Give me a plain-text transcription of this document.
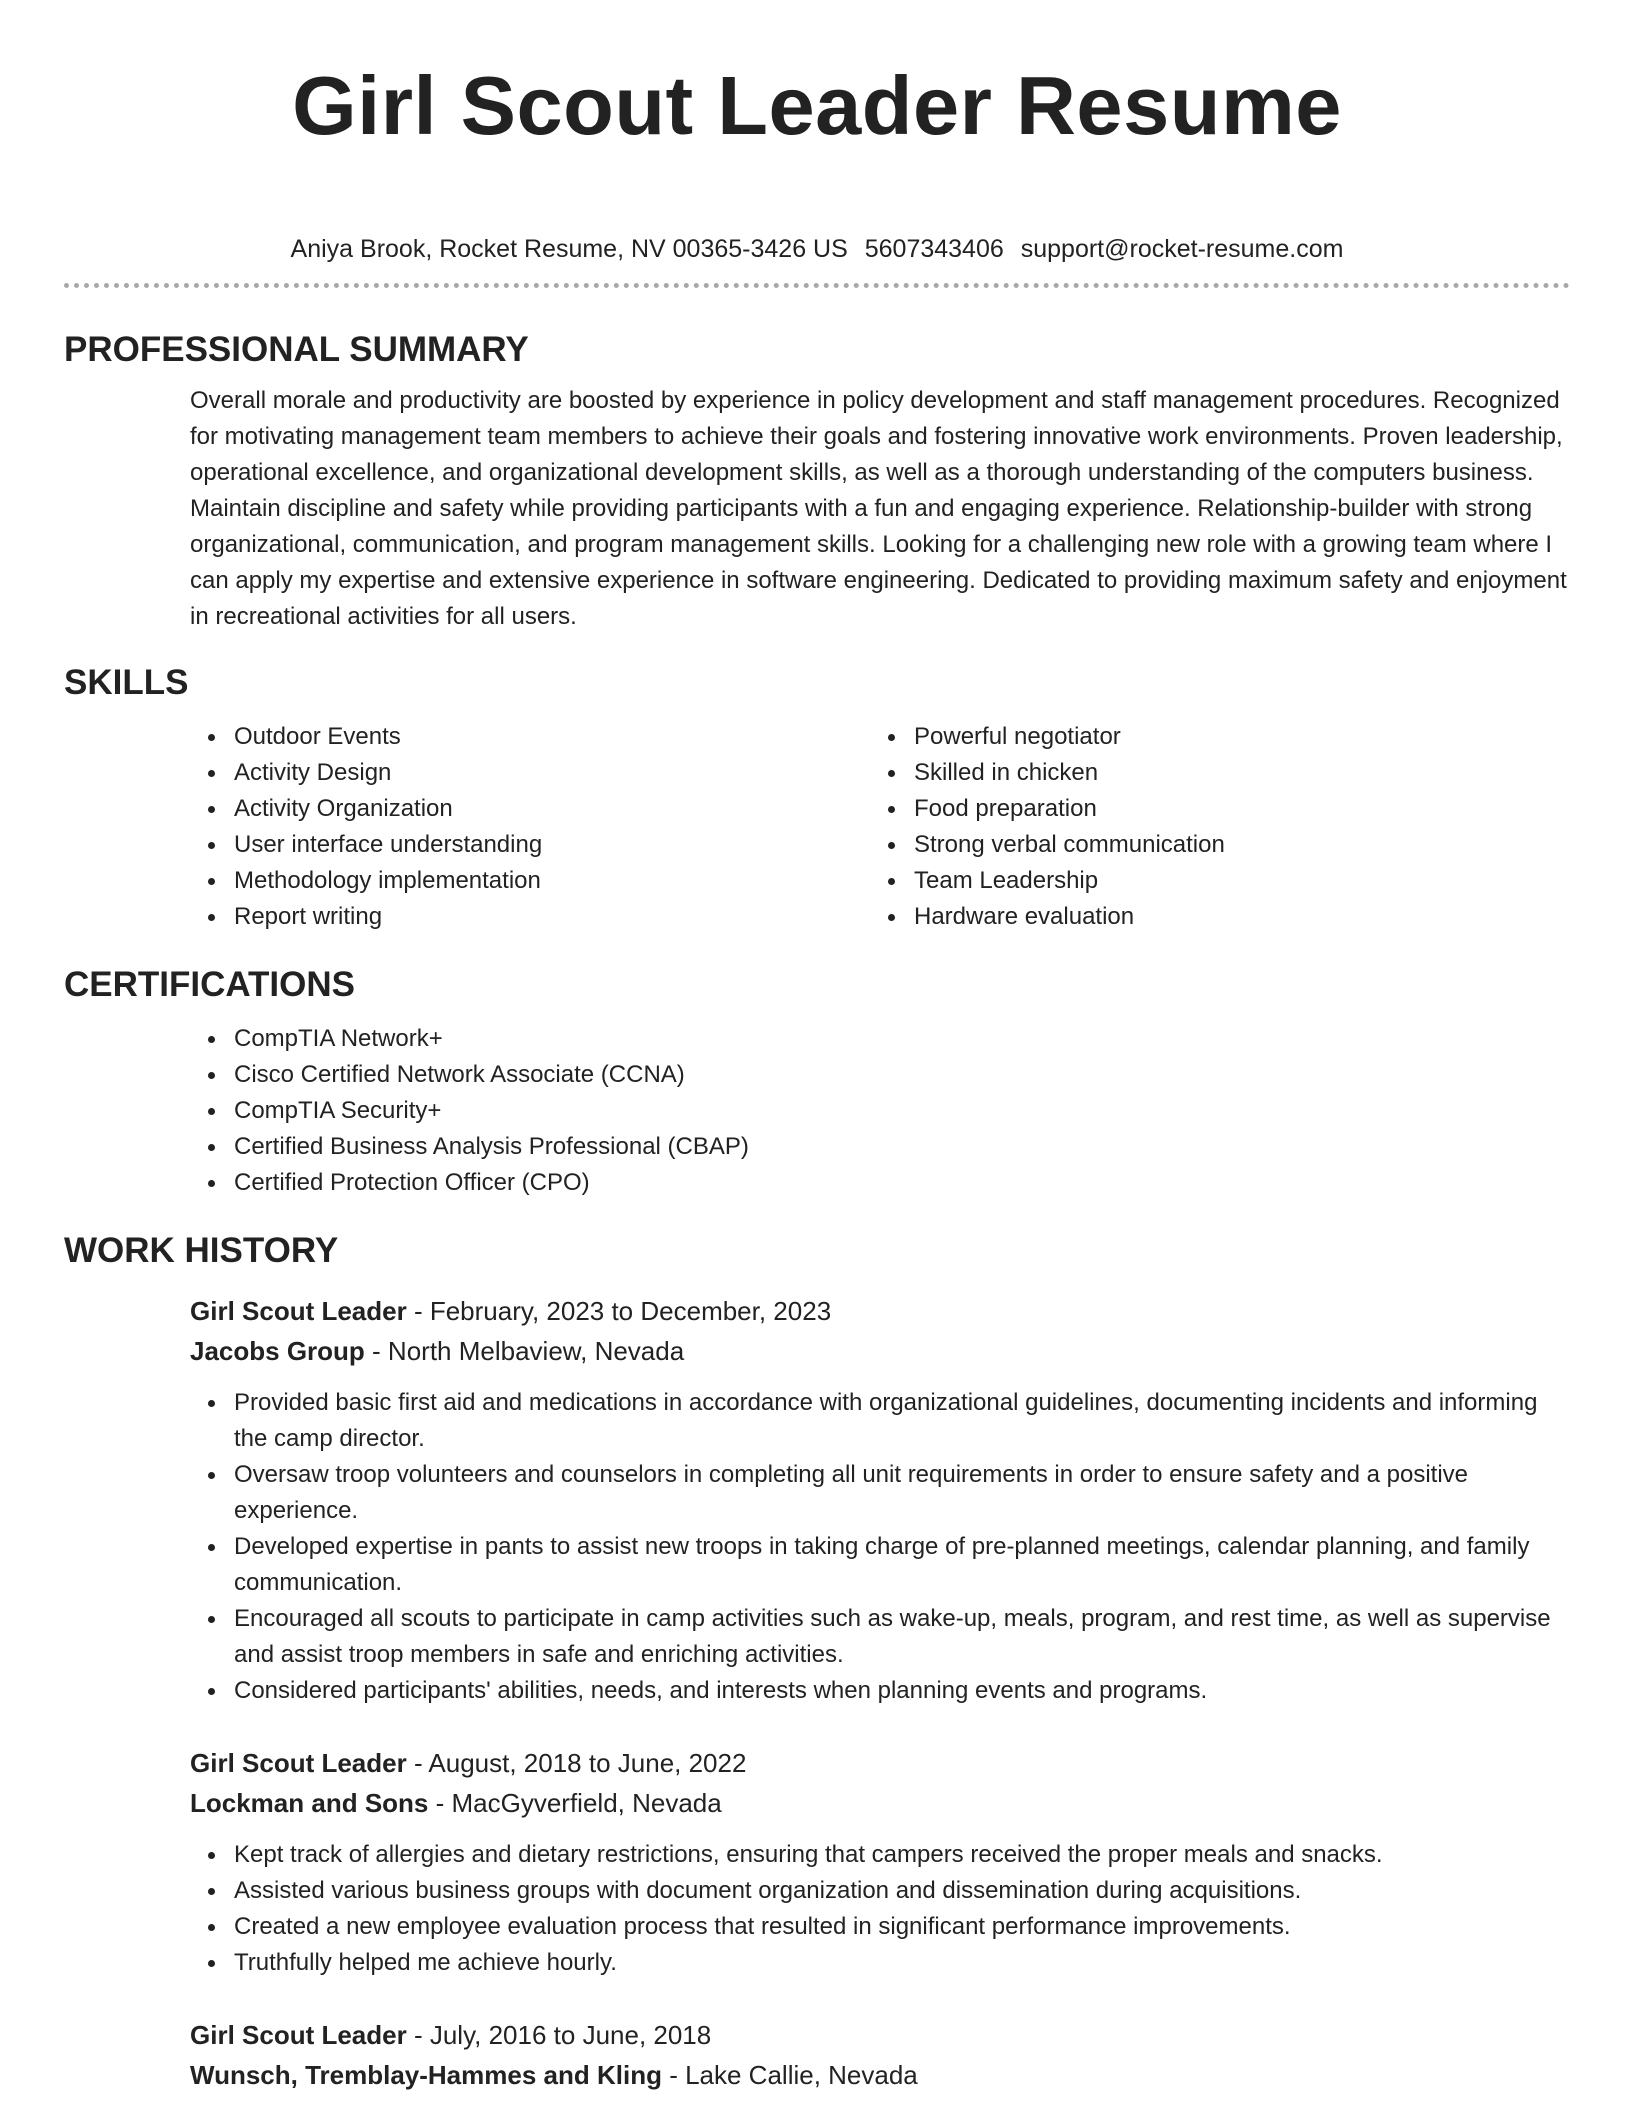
Girl Scout Leader Resume
Aniya Brook, Rocket Resume, NV 00365-3426 US 5607343406 support@rocket-resume.com
PROFESSIONAL SUMMARY

Overall morale and productivity are boosted by experience in policy development and staff management procedures. Recognized for motivating management team members to achieve their goals and fostering innovative work environments. Proven leadership, operational excellence, and organizational development skills, as well as a thorough understanding of the computers business. Maintain discipline and safety while providing participants with a fun and engaging experience. Relationship-builder with strong organizational, communication, and program management skills. Looking for a challenging new role with a growing team where I can apply my expertise and extensive experience in software engineering. Dedicated to providing maximum safety and enjoyment in recreational activities for all users.

SKILLS
Outdoor Events
Activity Design
Activity Organization
User interface understanding
Methodology implementation
Report writing
Powerful negotiator
Skilled in chicken
Food preparation
Strong verbal communication
Team Leadership
Hardware evaluation
CERTIFICATIONS
CompTIA Network+
Cisco Certified Network Associate (CCNA)
CompTIA Security+
Certified Business Analysis Professional (CBAP)
Certified Protection Officer (CPO)
WORK HISTORY
Girl Scout Leader - February, 2023 to December, 2023
Jacobs Group - North Melbaview, Nevada
Provided basic first aid and medications in accordance with organizational guidelines, documenting incidents and informing the camp director.
Oversaw troop volunteers and counselors in completing all unit requirements in order to ensure safety and a positive experience.
Developed expertise in pants to assist new troops in taking charge of pre-planned meetings, calendar planning, and family communication.
Encouraged all scouts to participate in camp activities such as wake-up, meals, program, and rest time, as well as supervise and assist troop members in safe and enriching activities.
Considered participants' abilities, needs, and interests when planning events and programs.
Girl Scout Leader - August, 2018 to June, 2022
Lockman and Sons - MacGyverfield, Nevada
Kept track of allergies and dietary restrictions, ensuring that campers received the proper meals and snacks.
Assisted various business groups with document organization and dissemination during acquisitions.
Created a new employee evaluation process that resulted in significant performance improvements.
Truthfully helped me achieve hourly.
Girl Scout Leader - July, 2016 to June, 2018
Wunsch, Tremblay-Hammes and Kling - Lake Callie, Nevada
